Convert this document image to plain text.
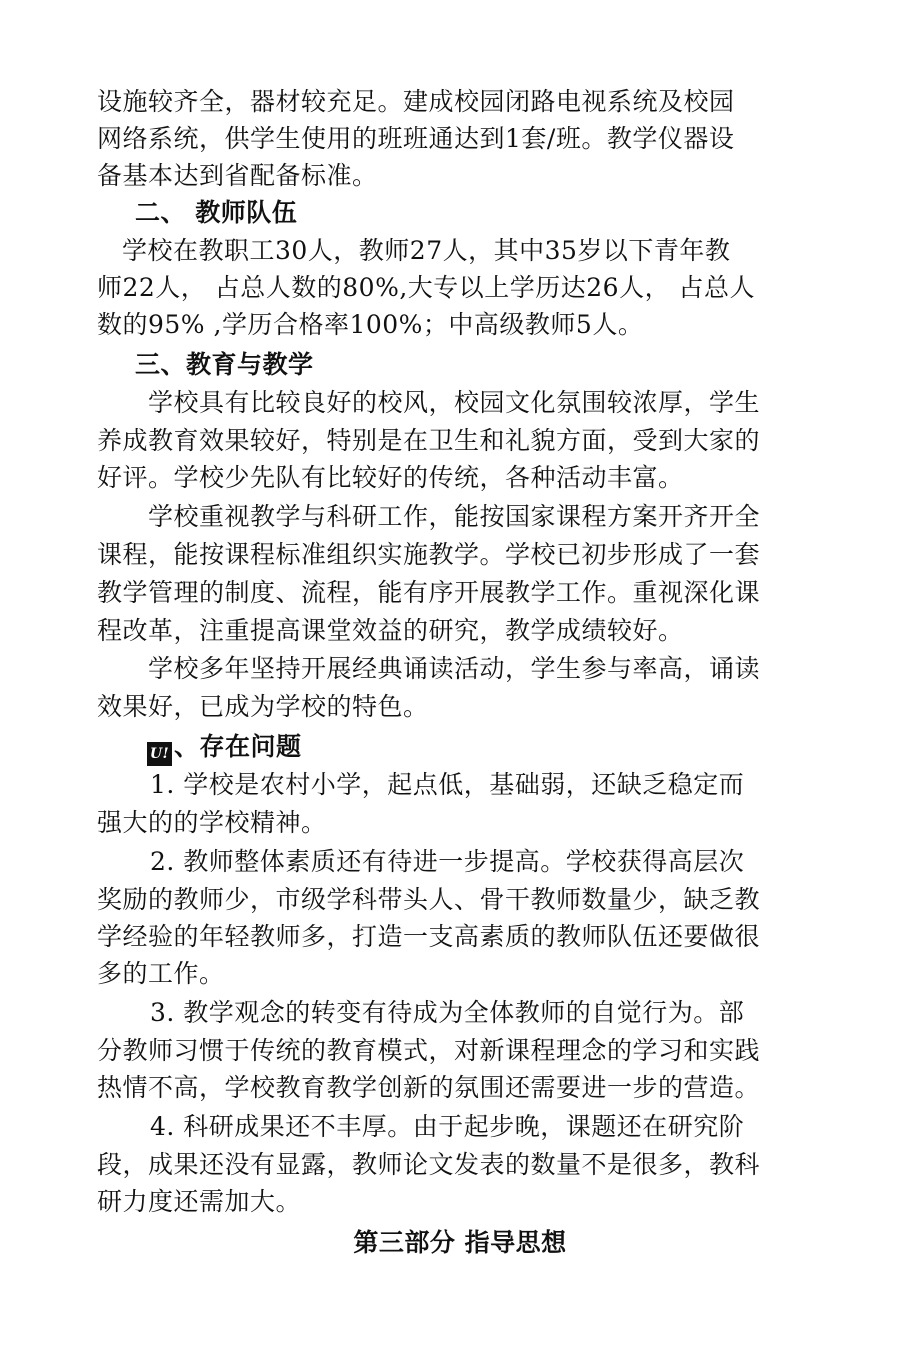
设施较齐全，器材较充足。建成校园闭路电视系统及校园
网络系统，供学生使用的班班通达到1套/班。教学仪器设
备基本达到省配备标准。
二、 教师队伍
学校在教职工30人，教师27人，其中35岁以下青年教
师22人， 占总人数的80%,大专以上学历达26人， 占总人
数的95% ,学历合格率100%；中高级教师5人。
三、教育与教学
学校具有比较良好的校风，校园文化氛围较浓厚，学生
养成教育效果较好，特别是在卫生和礼貌方面，受到大家的
好评。学校少先队有比较好的传统，各种活动丰富。
学校重视教学与科研工作，能按国家课程方案开齐开全
课程，能按课程标准组织实施教学。学校已初步形成了一套
教学管理的制度、流程，能有序开展教学工作。重视深化课
程改革，注重提高课堂效益的研究，教学成绩较好。
学校多年坚持开展经典诵读活动，学生参与率高，诵读
效果好，已成为学校的特色。
U! 、存在问题
1. 学校是农村小学，起点低，基础弱，还缺乏稳定而
强大的的学校精神。
2. 教师整体素质还有待进一步提高。学校获得高层次
奖励的教师少，市级学科带头人、骨干教师数量少，缺乏教
学经验的年轻教师多，打造一支高素质的教师队伍还要做很
多的工作。
3. 教学观念的转变有待成为全体教师的自觉行为。部
分教师习惯于传统的教育模式，对新课程理念的学习和实践
热情不高，学校教育教学创新的氛围还需要进一步的营造。
4. 科研成果还不丰厚。由于起步晚，课题还在研究阶
段，成果还没有显露，教师论文发表的数量不是很多，教科
研力度还需加大。
第三部分 指导思想
